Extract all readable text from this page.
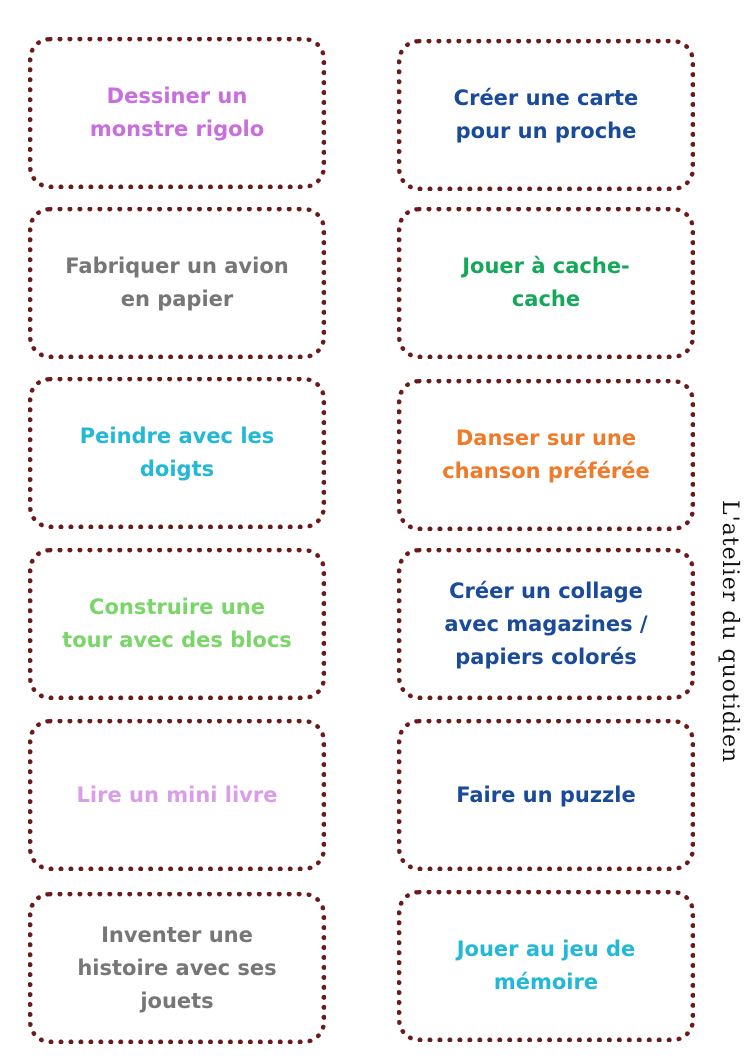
Dessiner un
monstre rigolo
Créer une carte
pour un proche
Fabriquer un avion
en papier
Jouer à cache-
cache
Peindre avec les
doigts
Danser sur une
chanson préférée
Construire une
tour avec des blocs
Créer un collage
avec magazines /
papiers colorés
Lire un mini livre	Faire un puzzle
Inventer une
histoire avec ses
jouets
Jouer au jeu de
mémoire
L'atelier du quotidien
